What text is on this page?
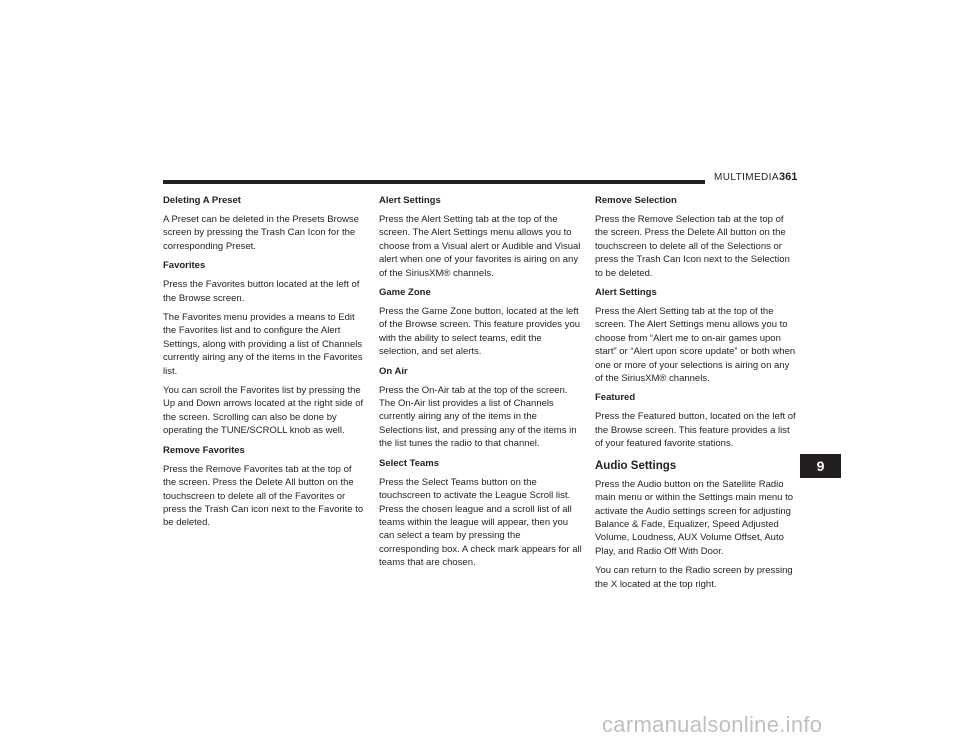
MULTIMEDIA 361
Deleting A Preset
A Preset can be deleted in the Presets Browse screen by pressing the Trash Can Icon for the corresponding Preset.
Favorites
Press the Favorites button located at the left of the Browse screen.
The Favorites menu provides a means to Edit the Favorites list and to configure the Alert Settings, along with providing a list of Channels currently airing any of the items in the Favorites list.
You can scroll the Favorites list by pressing the Up and Down arrows located at the right side of the screen. Scrolling can also be done by operating the TUNE/SCROLL knob as well.
Remove Favorites
Press the Remove Favorites tab at the top of the screen. Press the Delete All button on the touchscreen to delete all of the Favorites or press the Trash Can icon next to the Favorite to be deleted.
Alert Settings
Press the Alert Setting tab at the top of the screen. The Alert Settings menu allows you to choose from a Visual alert or Audible and Visual alert when one of your favorites is airing on any of the SiriusXM® channels.
Game Zone
Press the Game Zone button, located at the left of the Browse screen. This feature provides you with the ability to select teams, edit the selection, and set alerts.
On Air
Press the On-Air tab at the top of the screen. The On-Air list provides a list of Channels currently airing any of the items in the Selections list, and pressing any of the items in the list tunes the radio to that channel.
Select Teams
Press the Select Teams button on the touchscreen to activate the League Scroll list. Press the chosen league and a scroll list of all teams within the league will appear, then you can select a team by pressing the corresponding box. A check mark appears for all teams that are chosen.
Remove Selection
Press the Remove Selection tab at the top of the screen. Press the Delete All button on the touchscreen to delete all of the Selections or press the Trash Can Icon next to the Selection to be deleted.
Alert Settings
Press the Alert Setting tab at the top of the screen. The Alert Settings menu allows you to choose from “Alert me to on-air games upon start” or “Alert upon score update” or both when one or more of your selections is airing on any of the SiriusXM® channels.
Featured
Press the Featured button, located on the left of the Browse screen. This feature provides a list of your featured favorite stations.
Audio Settings
Press the Audio button on the Satellite Radio main menu or within the Settings main menu to activate the Audio settings screen for adjusting Balance & Fade, Equalizer, Speed Adjusted Volume, Loudness, AUX Volume Offset, Auto Play, and Radio Off With Door.
You can return to the Radio screen by pressing the X located at the top right.
9
carmanualsonline.info
